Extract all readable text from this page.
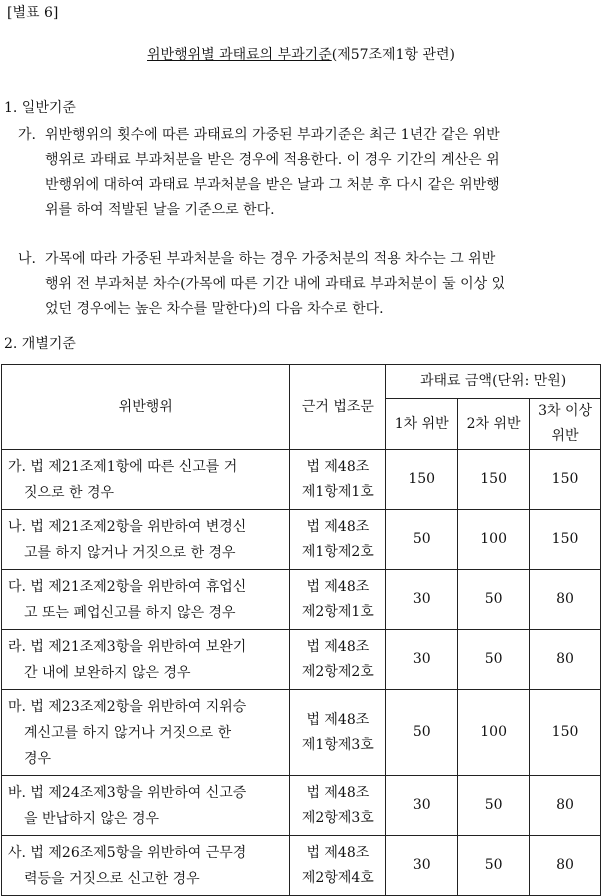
[별표 6]
위반행위별 과태료의 부과기준(제57조제1항 관련)
1. 일반기준
가. 위반행위의 횟수에 따른 과태료의 가중된 부과기준은 최근 1년간 같은 위반
행위로 과태료 부과처분을 받은 경우에 적용한다. 이 경우 기간의 계산은 위
반행위에 대하여 과태료 부과처분을 받은 날과 그 처분 후 다시 같은 위반행
위를 하여 적발된 날을 기준으로 한다.
나. 가목에 따라 가중된 부과처분을 하는 경우 가중처분의 적용 차수는 그 위반
행위 전 부과처분 차수(가목에 따른 기간 내에 과태료 부과처분이 둘 이상 있
었던 경우에는 높은 차수를 말한다)의 다음 차수로 한다.
2. 개별기준
위반행위	근거 법조문	과태료 금액(단위: 만원)		
		1차 위반	2차 위반	3차 이상
위반

가. 법 제21조제1항에 따른 신고를 거
짓으로 한 경우	법 제48조
제1항제1호	150	150	150

나. 법 제21조제2항을 위반하여 변경신
고를 하지 않거나 거짓으로 한 경우	법 제48조
제1항제2호	50	100	150

다. 법 제21조제2항을 위반하여 휴업신
고 또는 폐업신고를 하지 않은 경우	법 제48조
제2항제1호	30	50	80

라. 법 제21조제3항을 위반하여 보완기
간 내에 보완하지 않은 경우	법 제48조
제2항제2호	30	50	80

마. 법 제23조제2항을 위반하여 지위승
계신고를 하지 않거나 거짓으로 한
경우	법 제48조
제1항제3호	50	100	150

바. 법 제24조제3항을 위반하여 신고증
을 반납하지 않은 경우	법 제48조
제2항제3호	30	50	80

사. 법 제26조제5항을 위반하여 근무경
력등을 거짓으로 신고한 경우	법 제48조
제2항제4호	30	50	80
